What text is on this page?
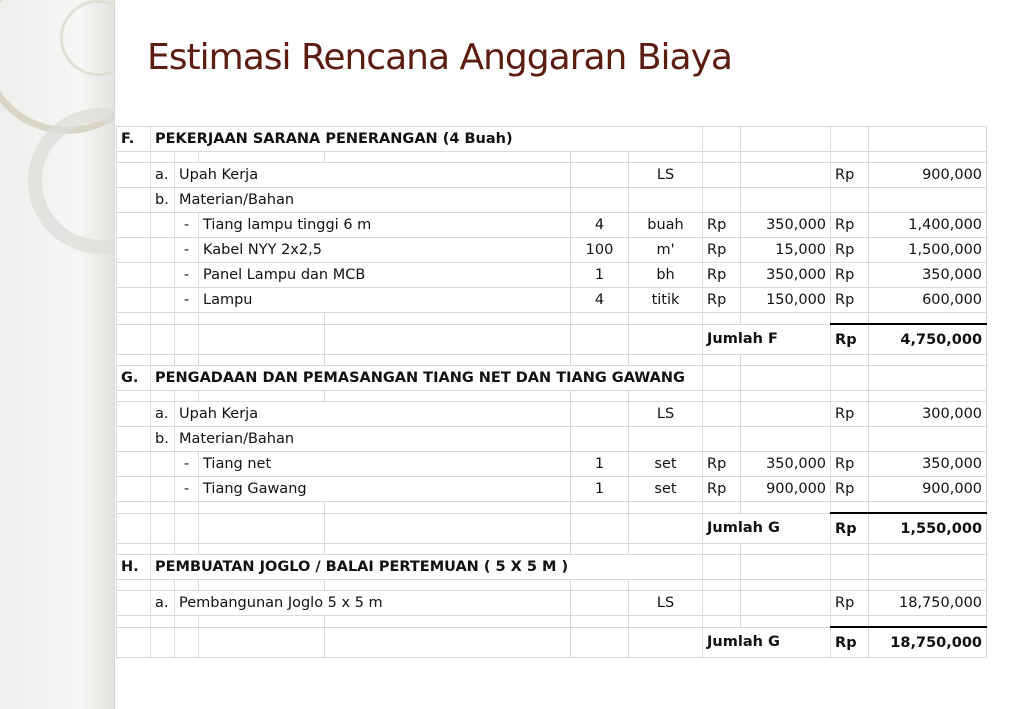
Estimasi Rencana Anggaran Biaya
F.	PEKERJAAN SARANA PENERANGAN (4 Buah)									

	a.	Upah Kerja				LS			Rp	900,000
	b.	Materian/Bahan								
		-	Tiang lampu tinggi 6 m		4	buah	Rp	350,000	Rp	1,400,000
		-	Kabel NYY 2x2,5		100	m'	Rp	15,000	Rp	1,500,000
		-	Panel Lampu dan MCB		1	bh	Rp	350,000	Rp	350,000
		-	Lampu		4	titik	Rp	150,000	Rp	600,000

							Jumlah F		Rp	4,750,000

G.	PENGADAAN DAN PEMASANGAN TIANG NET DAN TIANG GAWANG									

	a.	Upah Kerja				LS			Rp	300,000
	b.	Materian/Bahan								
		-	Tiang net		1	set	Rp	350,000	Rp	350,000
		-	Tiang Gawang		1	set	Rp	900,000	Rp	900,000

							Jumlah G		Rp	1,550,000

H.	PEMBUATAN JOGLO / BALAI PERTEMUAN ( 5 X 5 M )									

	a.	Pembangunan Joglo 5 x 5 m				LS			Rp	18,750,000

							Jumlah G		Rp	18,750,000
